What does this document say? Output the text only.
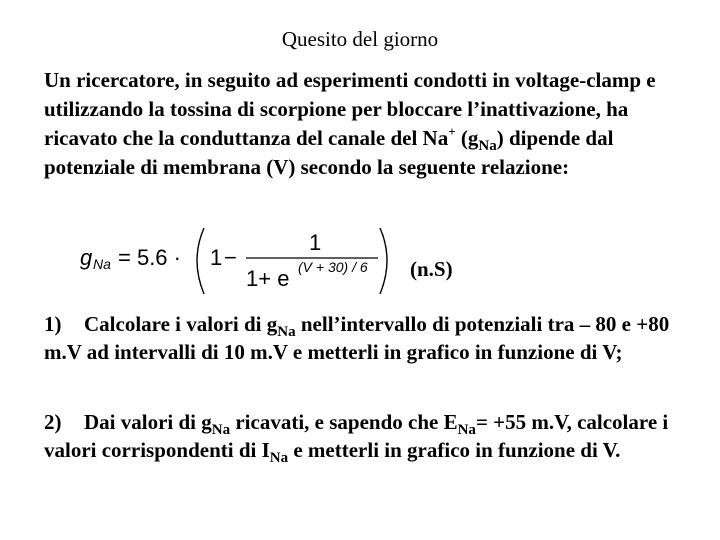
Quesito del giorno
Un ricercatore, in seguito ad esperimenti condotti in voltage-clamp e utilizzando la tossina di scorpione per bloccare l’inattivazione, ha ricavato che la conduttanza del canale del Na+ $(g_{Na})$ dipende dal potenziale di membrana (V) secondo la seguente relazione:
g Na = 5.6 · 1 −
1
1+ e (V + 30) / 6 (n.S)
1) Calcolare i valori di $g_{Na}$ nell’intervallo di potenziali tra – 80 e +80 m.V ad intervalli di 10 m.V e metterli in grafico in funzione di V;
2) Dai valori di $g_{Na}$ ricavati, e sapendo che $E_{Na}= +55$ m.V, calcolare i valori corrispondenti di $I_{Na}$ e metterli in grafico in funzione di V.
